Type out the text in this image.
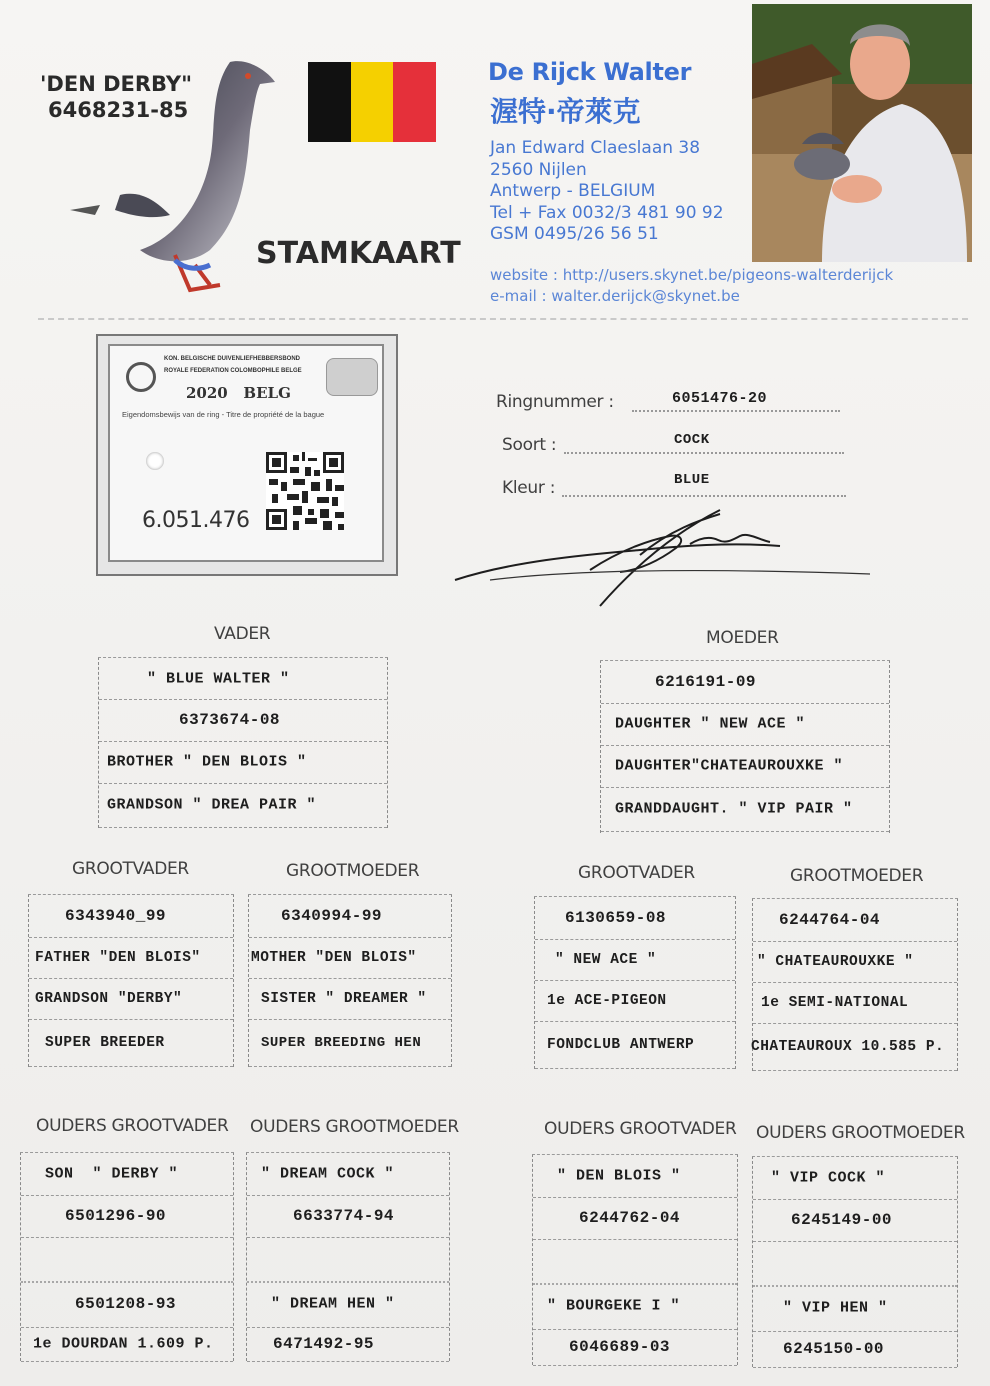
'DEN DERBY"
6468231-85
STAMKAART
De Rijck Walter
渥特·帝萊克
Jan Edward Claeslaan 38
2560 Nijlen
Antwerp - BELGIUM
Tel + Fax 0032/3 481 90 92
GSM 0495/26 56 51
website : http://users.skynet.be/pigeons-walterderijck
e-mail : walter.derijck@skynet.be
KON. BELGISCHE DUIVENLIEFHEBBERSBOND
ROYALE FEDERATION COLOMBOPHILE BELGE
2020   BELG
Eigendomsbewijs van de ring - Titre de propriété de la bague
6.051.476
Ringnummer :	6051476-20
Soort :	COCK
Kleur :	BLUE
VADER
" BLUE WALTER "
6373674-08
BROTHER " DEN BLOIS "
GRANDSON " DREA PAIR "
MOEDER
6216191-09
DAUGHTER " NEW ACE "
DAUGHTER"CHATEAUROUXKE "
GRANDDAUGHT. " VIP PAIR "
GROOTVADER
6343940_99
FATHER "DEN BLOIS"
GRANDSON "DERBY"
SUPER BREEDER
GROOTMOEDER
6340994-99
MOTHER "DEN BLOIS"
SISTER " DREAMER "
SUPER BREEDING HEN
GROOTVADER
6130659-08
" NEW ACE "
1e ACE-PIGEON
FONDCLUB ANTWERP
GROOTMOEDER
6244764-04
" CHATEAUROUXKE "
1e SEMI-NATIONAL
CHATEAUROUX 10.585 P.
OUDERS GROOTVADER
SON  " DERBY "
6501296-90
6501208-93
1e DOURDAN 1.609 P.
OUDERS GROOTMOEDER
" DREAM COCK "
6633774-94
" DREAM HEN "
6471492-95
OUDERS GROOTVADER
" DEN BLOIS "
6244762-04
" BOURGEKE I "
6046689-03
OUDERS GROOTMOEDER
" VIP COCK "
6245149-00
" VIP HEN "
6245150-00
